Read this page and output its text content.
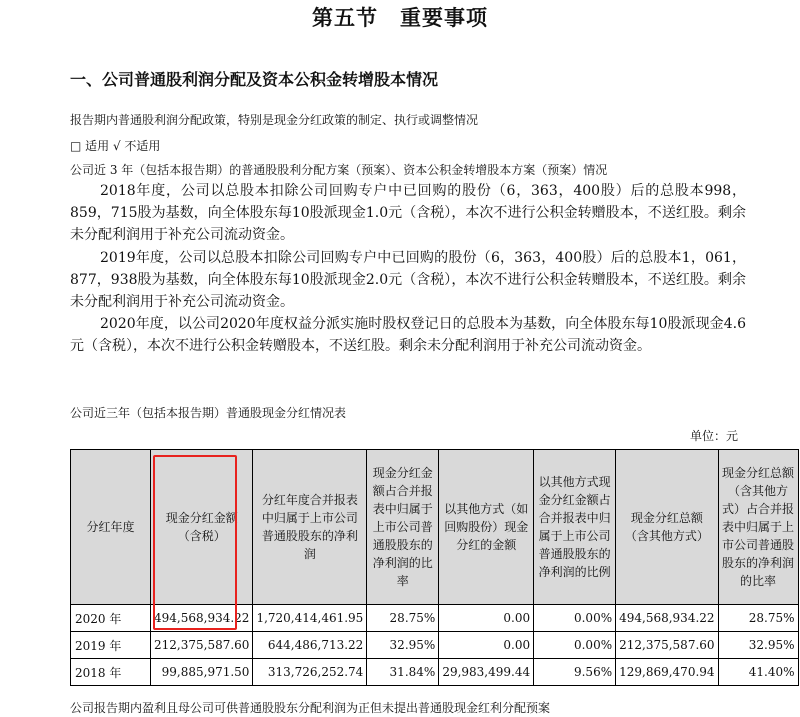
第五节　重要事项
一、公司普通股利润分配及资本公积金转增股本情况
报告期内普通股利润分配政策，特别是现金分红政策的制定、执行或调整情况
□ 适用 √ 不适用
公司近 3 年（包括本报告期）的普通股股利分配方案（预案）、资本公积金转增股本方案（预案）情况
2018年度，公司以总股本扣除公司回购专户中已回购的股份（6，363，400股）后的总股本998，859，715股为基数，向全体股东每10股派现金1.0元（含税），本次不进行公积金转赠股本，不送红股。剩余未分配利润用于补充公司流动资金。
2019年度，公司以总股本扣除公司回购专户中已回购的股份（6，363，400股）后的总股本1，061，877，938股为基数，向全体股东每10股派现金2.0元（含税），本次不进行公积金转赠股本，不送红股。剩余未分配利润用于补充公司流动资金。
2020年度，以公司2020年度权益分派实施时股权登记日的总股本为基数，向全体股东每10股派现金4.6元（含税），本次不进行公积金转赠股本，不送红股。剩余未分配利润用于补充公司流动资金。
公司近三年（包括本报告期）普通股现金分红情况表
单位：元
分红年度	现金分红金额（含税）	分红年度合并报表中归属于上市公司普通股股东的净利润	现金分红金额占合并报表中归属于上市公司普通股股东的净利润的比率	以其他方式（如回购股份）现金分红的金额	以其他方式现金分红金额占合并报表中归属于上市公司普通股股东的净利润的比例	现金分红总额（含其他方式）	现金分红总额（含其他方式）占合并报表中归属于上市公司普通股股东的净利润的比率
2020 年	494,568,934.22	1,720,414,461.95	28.75%	0.00	0.00%	494,568,934.22	28.75%
2019 年	212,375,587.60	644,486,713.22	32.95%	0.00	0.00%	212,375,587.60	32.95%
2018 年	99,885,971.50	313,726,252.74	31.84%	29,983,499.44	9.56%	129,869,470.94	41.40%
公司报告期内盈利且母公司可供普通股股东分配利润为正但未提出普通股现金红利分配预案
